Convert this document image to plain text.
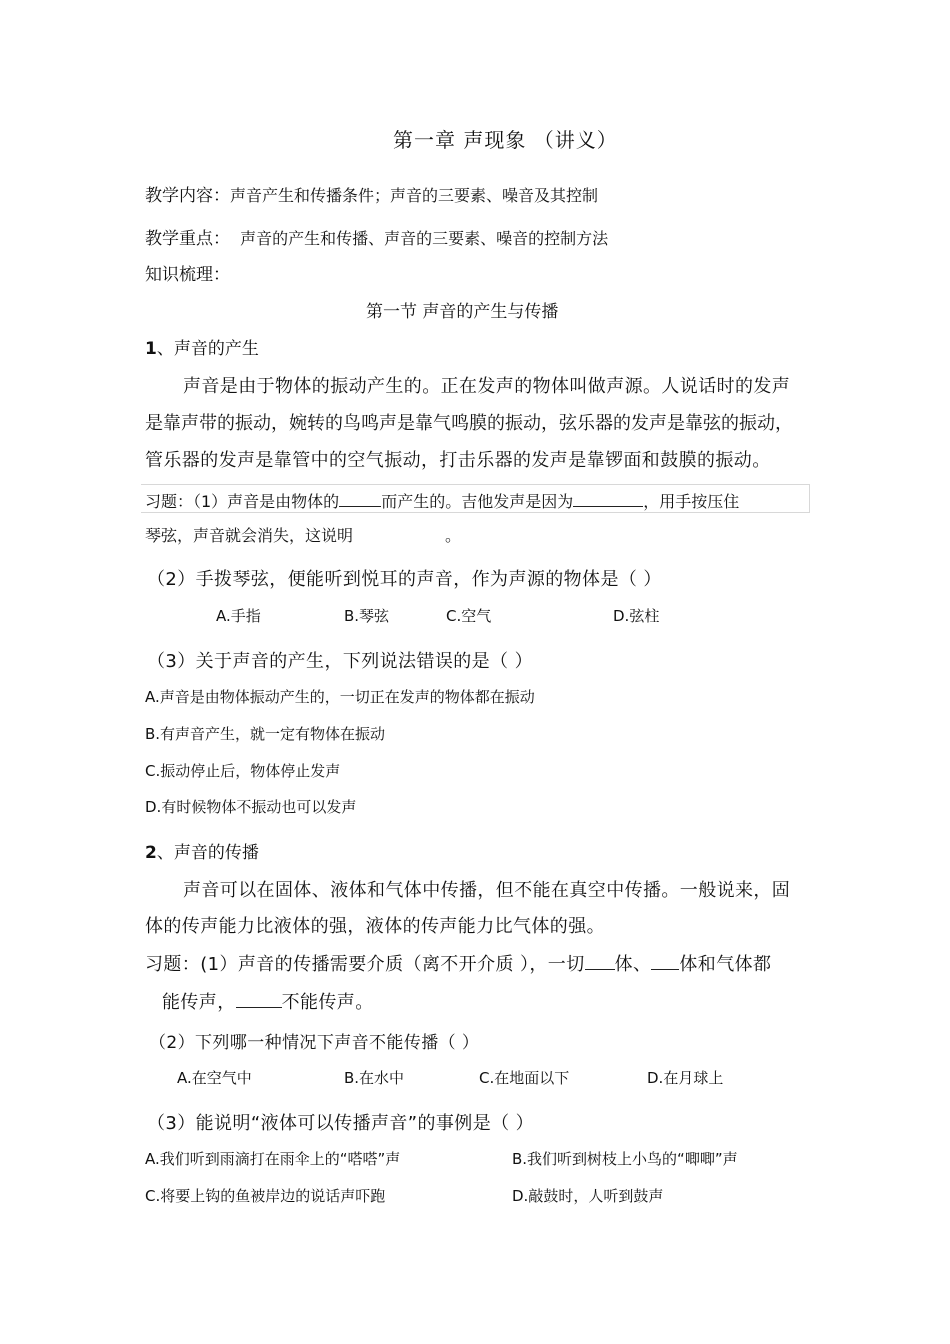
第一章 声现象 （讲义）
教学内容：声音产生和传播条件；声音的三要素、噪音及其控制
教学重点： 声音的产生和传播、声音的三要素、噪音的控制方法
知识梳理：
第一节 声音的产生与传播
1、声音的产生
声音是由于物体的振动产生的。正在发声的物体叫做声源。人说话时的发声
是靠声带的振动，婉转的鸟鸣声是靠气鸣膜的振动，弦乐器的发声是靠弦的振动，
管乐器的发声是靠管中的空气振动，打击乐器的发声是靠锣面和鼓膜的振动。
习题：（1）声音是由物体的	而产生的。吉他发声是因为	，用手按压住
琴弦，声音就会消失，这说明	。
（2）手拨琴弦，便能听到悦耳的声音，作为声源的物体是（ ）
A.手指	B.琴弦	C.空气	D.弦柱
（3）关于声音的产生，下列说法错误的是（ ）
A.声音是由物体振动产生的，一切正在发声的物体都在振动
B.有声音产生，就一定有物体在振动
C.振动停止后，物体停止发声
D.有时候物体不振动也可以发声
2、声音的传播
声音可以在固体、液体和气体中传播，但不能在真空中传播。一般说来，固
体的传声能力比液体的强，液体的传声能力比气体的强。
习题：(1）声音的传播需要介质（离不开介质 ），一切 体、 体和气体都
能传声，	不能传声。
（2）下列哪一种情况下声音不能传播（ ）
A.在空气中	B.在水中	C.在地面以下	D.在月球上
（3）能说明“液体可以传播声音”的事例是（ ）
A.我们听到雨滴打在雨伞上的“嗒嗒”声	B.我们听到树枝上小鸟的“唧唧”声
C.将要上钩的鱼被岸边的说话声吓跑	D.敲鼓时，人听到鼓声
